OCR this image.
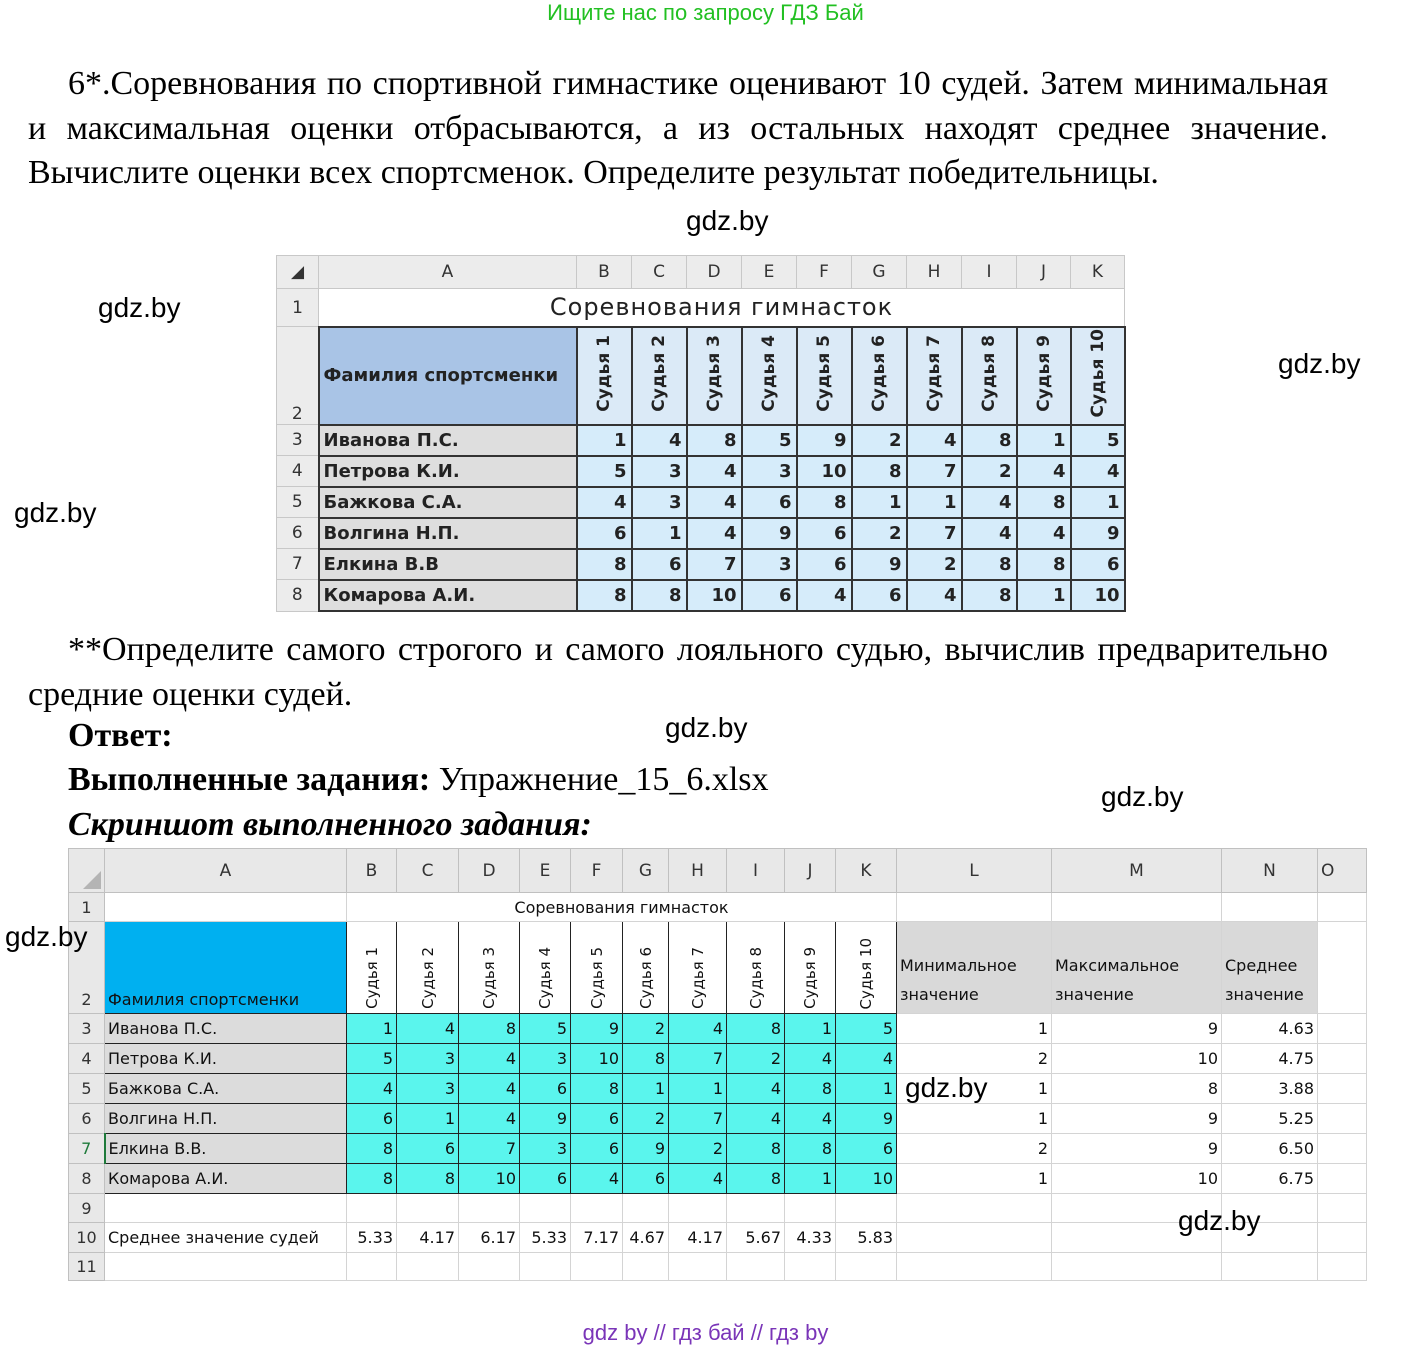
Ищите нас по запросу ГДЗ Бай
6*.Соревнования по спортивной гимнастике оценивают 10 судей. Затем минимальная и максимальная оценки отбрасываются, а из остальных находят среднее значение. Вычислите оценки всех спортсменок. Определите результат победительницы.
gdz.by
gdz.by
gdz.by
gdz.by
◢	A	B	C	D	E	F	G	H	I	J	K
1	Соревнования гимнасток										
2	Фамилия спортсменки	Судья 1	Судья 2	Судья 3	Судья 4	Судья 5	Судья 6	Судья 7	Судья 8	Судья 9	Судья 10
3	Иванова П.С.	1	4	8	5	9	2	4	8	1	5
4	Петрова К.И.	5	3	4	3	10	8	7	2	4	4
5	Бажкова С.А.	4	3	4	6	8	1	1	4	8	1
6	Волгина Н.П.	6	1	4	9	6	2	7	4	4	9
7	Елкина В.В	8	6	7	3	6	9	2	8	8	6
8	Комарова А.И.	8	8	10	6	4	6	4	8	1	10
**Определите самого строгого и самого лояльного судью, вычислив предварительно средние оценки судей.
Ответ:	gdz.by
Выполненные задания: Упражнение_15_6.xlsx	gdz.by
Скриншот выполненного задания:
	A	B	C	D	E	F	G	H	I	J	K	L	M	N	O
1		Соревнования гимнасток													
2	Фамилия спортсменки	Судья 1	Судья 2	Судья 3	Судья 4	Судья 5	Судья 6	Судья 7	Судья 8	Судья 9	Судья 10	Минимальное значение	Максимальное значение	Среднее значение	
3	Иванова П.С.	1	4	8	5	9	2	4	8	1	5	1	9	4.63	
4	Петрова К.И.	5	3	4	3	10	8	7	2	4	4	2	10	4.75	
5	Бажкова С.А.	4	3	4	6	8	1	1	4	8	1	1	8	3.88	
6	Волгина Н.П.	6	1	4	9	6	2	7	4	4	9	1	9	5.25	
7	Елкина В.В.	8	6	7	3	6	9	2	8	8	6	2	9	6.50	
8	Комарова А.И.	8	8	10	6	4	6	4	8	1	10	1	10	6.75	
9															
10	Среднее значение судей	5.33	4.17	6.17	5.33	7.17	4.67	4.17	5.67	4.33	5.83				
11															
gdz.by
gdz.by
gdz.by
gdz by // гдз бай // гдз by
